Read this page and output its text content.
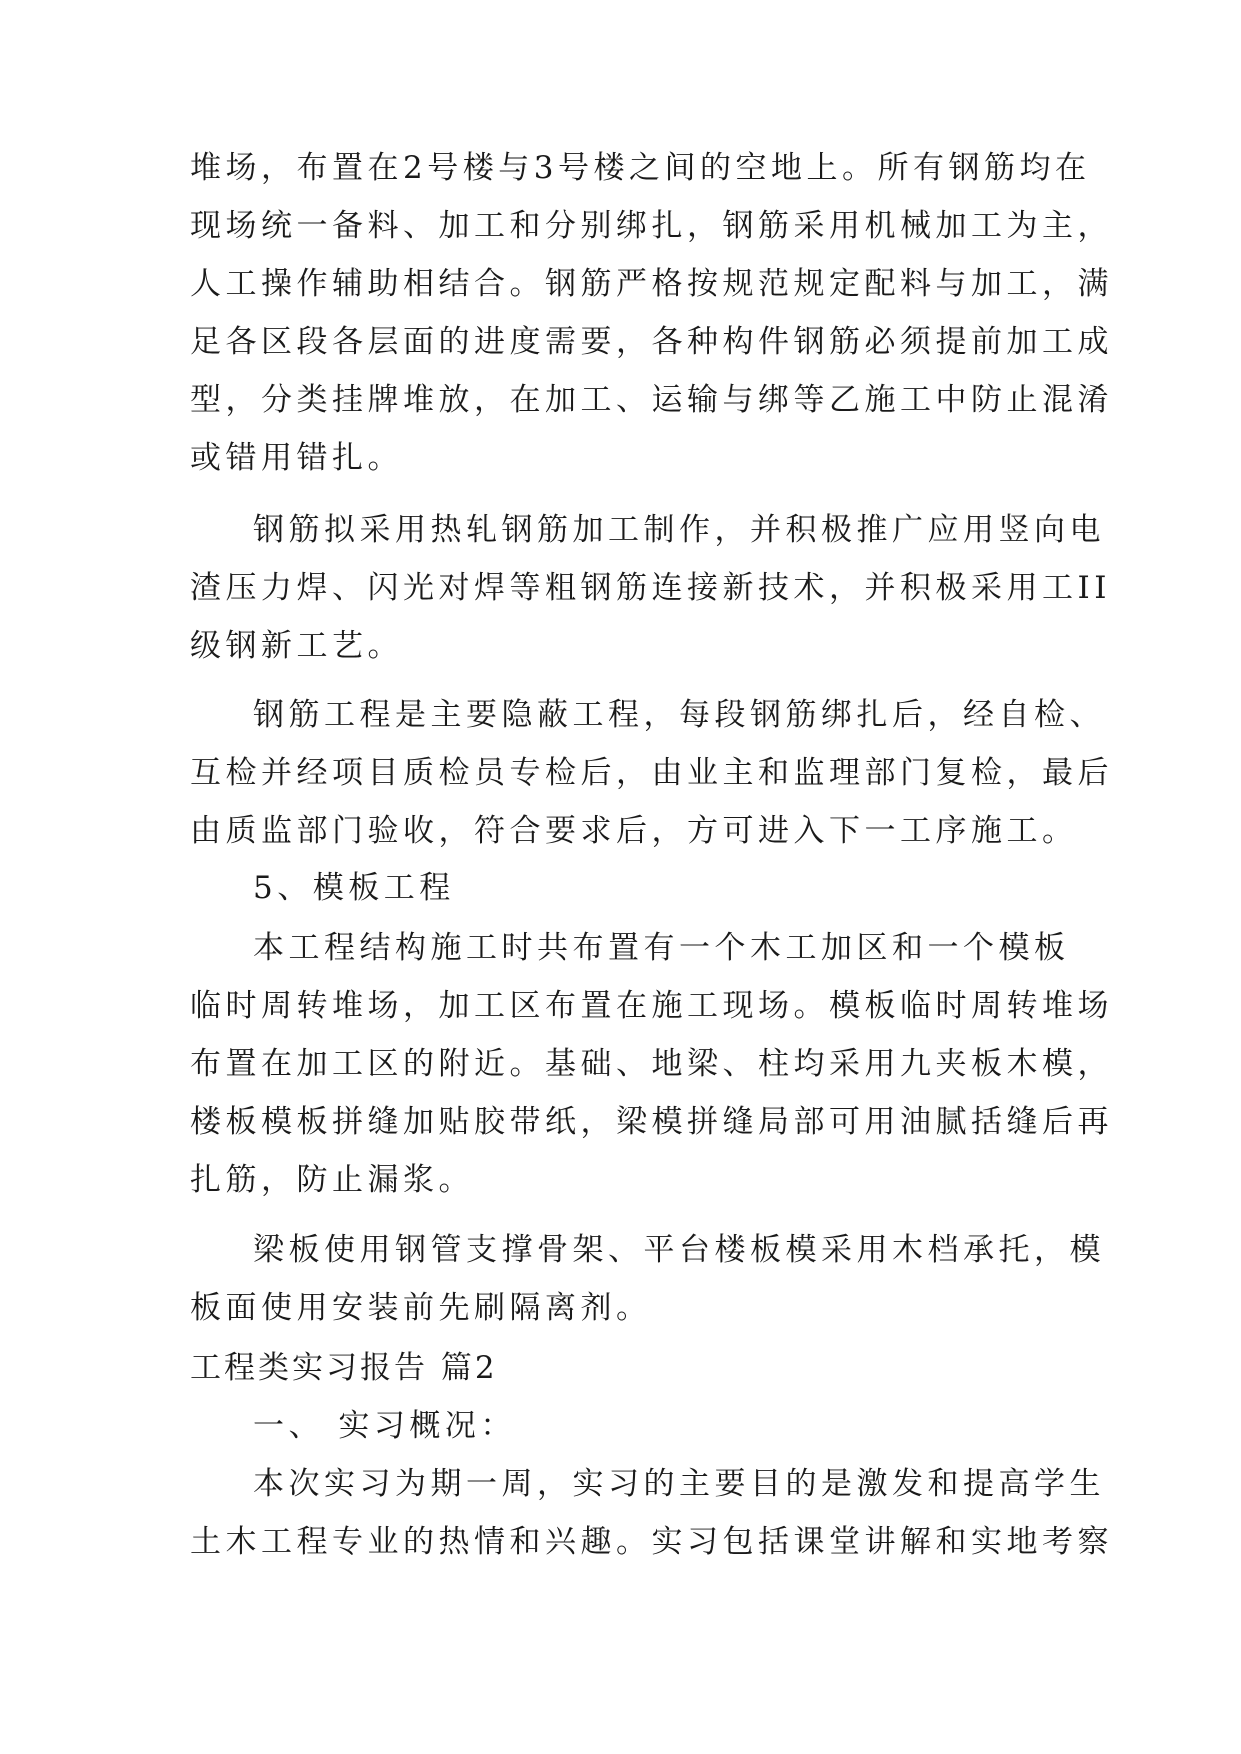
堆场，布置在2号楼与3号楼之间的空地上。所有钢筋均在
现场统一备料、加工和分别绑扎，钢筋采用机械加工为主，
人工操作辅助相结合。钢筋严格按规范规定配料与加工，满
足各区段各层面的进度需要，各种构件钢筋必须提前加工成
型，分类挂牌堆放，在加工、运输与绑等乙施工中防止混淆
或错用错扎。
钢筋拟采用热轧钢筋加工制作，并积极推广应用竖向电
渣压力焊、闪光对焊等粗钢筋连接新技术，并积极采用工II
级钢新工艺。
钢筋工程是主要隐蔽工程，每段钢筋绑扎后，经自检、
互检并经项目质检员专检后，由业主和监理部门复检，最后
由质监部门验收，符合要求后，方可进入下一工序施工。
5、模板工程
本工程结构施工时共布置有一个木工加区和一个模板
临时周转堆场，加工区布置在施工现场。模板临时周转堆场
布置在加工区的附近。基础、地梁、柱均采用九夹板木模，
楼板模板拼缝加贴胶带纸，梁模拼缝局部可用油腻括缝后再
扎筋，防止漏浆。
梁板使用钢管支撑骨架、平台楼板模采用木档承托，模
板面使用安装前先刷隔离剂。
工程类实习报告 篇2
一、 实习概况：
本次实习为期一周，实习的主要目的是激发和提高学生
土木工程专业的热情和兴趣。实习包括课堂讲解和实地考察
